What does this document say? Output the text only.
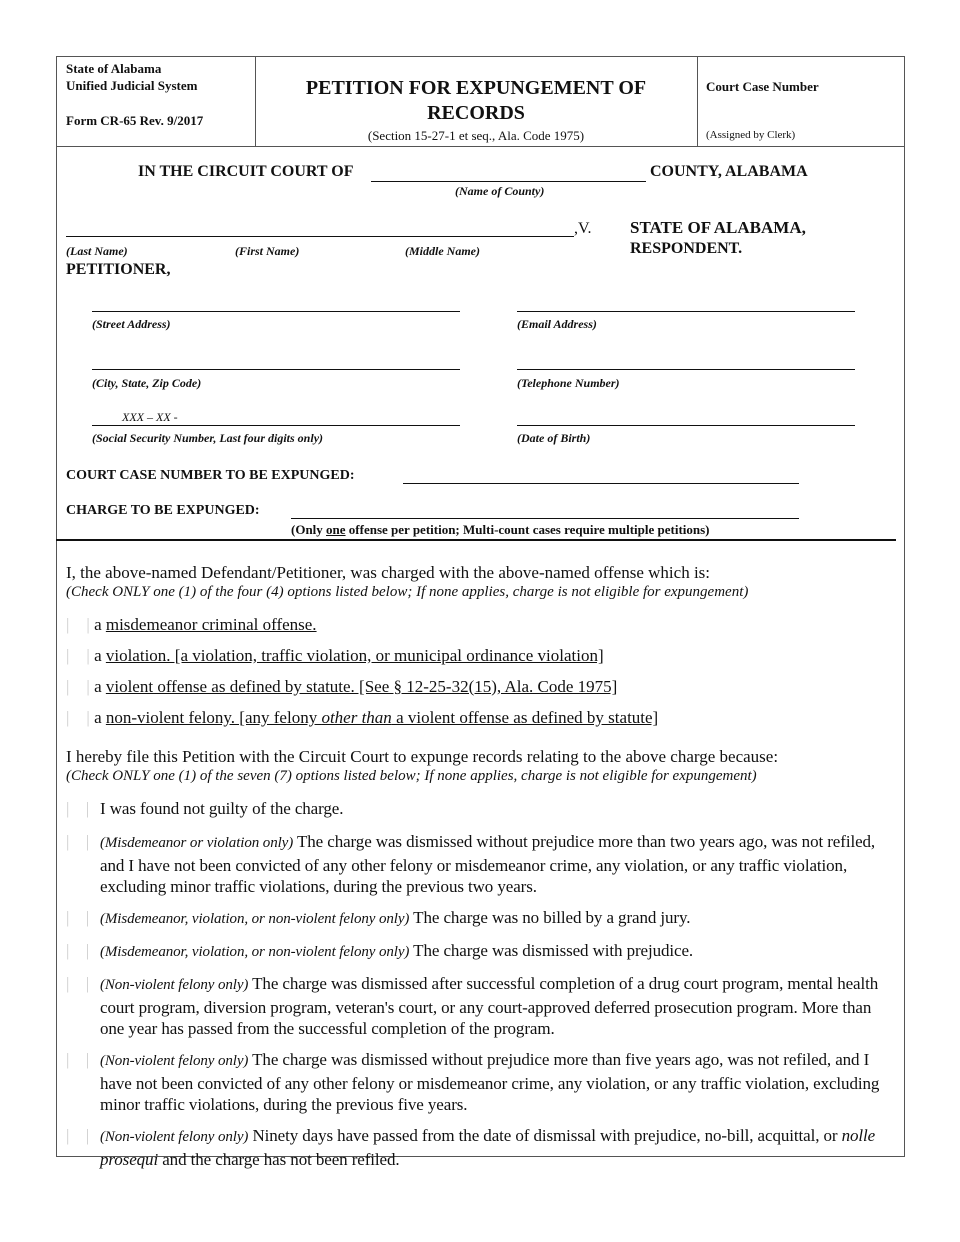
State of Alabama
Unified Judicial System
Form CR-65 Rev. 9/2017
PETITION FOR EXPUNGEMENT OF
RECORDS
(Section 15-27-1 et seq., Ala. Code 1975)
Court Case Number
(Assigned by Clerk)
IN THE CIRCUIT COURT OF	COUNTY, ALABAMA
(Name of County)
,V. STATE OF ALABAMA,
RESPONDENT.
(Last Name)	(First Name)	(Middle Name)
PETITIONER,
(Street Address)	(Email Address)
(City, State, Zip Code)	(Telephone Number)
XXX – XX -
(Social Security Number, Last four digits only)	(Date of Birth)
COURT CASE NUMBER TO BE EXPUNGED:
CHARGE TO BE EXPUNGED:
(Only one offense per petition; Multi-count cases require multiple petitions)
I, the above-named Defendant/Petitioner, was charged with the above-named offense which is:
(Check ONLY one (1) of the four (4) options listed below; If none applies, charge is not eligible for expungement)
|    | a misdemeanor criminal offense.
|    | a violation. [a violation, traffic violation, or municipal ordinance violation]
|    | a violent offense as defined by statute. [See § 12-25-32(15), Ala. Code 1975]
|    | a non-violent felony. [any felony other than a violent offense as defined by statute]
I hereby file this Petition with the Circuit Court to expunge records relating to the above charge because:
(Check ONLY one (1) of the seven (7) options listed below; If none applies, charge is not eligible for expungement)
|    | I was found not guilty of the charge.
|    | (Misdemeanor or violation only) The charge was dismissed without prejudice more than two years ago, was not refiled, and I have not been convicted of any other felony or misdemeanor crime, any violation, or any traffic violation, excluding minor traffic violations, during the previous two years.
|    | (Misdemeanor, violation, or non-violent felony only) The charge was no billed by a grand jury.
|    | (Misdemeanor, violation, or non-violent felony only) The charge was dismissed with prejudice.
|    | (Non-violent felony only) The charge was dismissed after successful completion of a drug court program, mental health court program, diversion program, veteran's court, or any court-approved deferred prosecution program. More than one year has passed from the successful completion of the program.
|    | (Non-violent felony only) The charge was dismissed without prejudice more than five years ago, was not refiled, and I have not been convicted of any other felony or misdemeanor crime, any violation, or any traffic violation, excluding minor traffic violations, during the previous five years.
|    | (Non-violent felony only) Ninety days have passed from the date of dismissal with prejudice, no-bill, acquittal, or nolle prosequi and the charge has not been refiled.
